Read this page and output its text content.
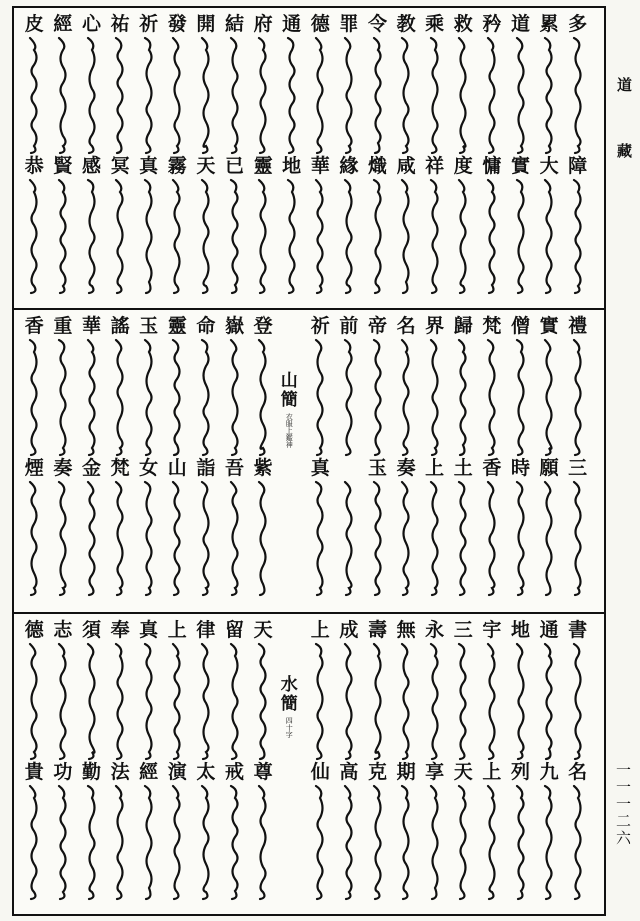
多
障
累
大
道
實
矜
慵
救
度
乘
祥
教
咸
令
熾
罪
緣
德
華
通
地
府
靈
結
已
開
天
發
霧
祈
真
祐
冥
心
感
經
賢
皮
恭
禮
三
實
願
僧
時
梵
香
歸
土
界
上
名
奏
帝
玉
前
祈
真
山
簡
衣服上鑑神
登
紫
嶽
吾
命
詣
靈
山
玉
女
謠
梵
華
金
重
奏
香
煙
書
名
通
九
地
列
宇
上
三
天
永
享
無
期
壽
克
成
高
上
仙
水
簡
四十字
天
尊
留
戒
律
太
上
演
真
經
奉
法
須
勤
志
功
德
貴
道
藏
一一一二六
